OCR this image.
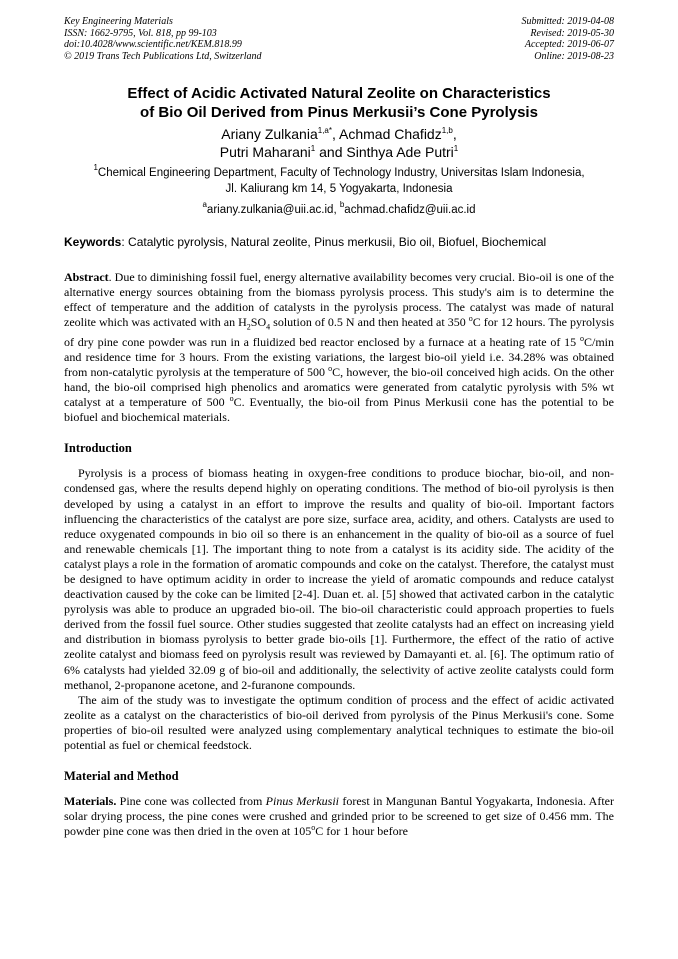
Key Engineering Materials
ISSN: 1662-9795, Vol. 818, pp 99-103
doi:10.4028/www.scientific.net/KEM.818.99
© 2019 Trans Tech Publications Ltd, Switzerland
Submitted: 2019-04-08
Revised: 2019-05-30
Accepted: 2019-06-07
Online: 2019-08-23
Effect of Acidic Activated Natural Zeolite on Characteristics
of Bio Oil Derived from Pinus Merkusii’s Cone Pyrolysis
Ariany Zulkania$^{1,a*}$, Achmad Chafidz$^{1,b}$,
Putri Maharani$^1$ and Sinthya Ade Putri$^1$
$^1$Chemical Engineering Department, Faculty of Technology Industry, Universitas Islam Indonesia,
Jl. Kaliurang km 14, 5 Yogyakarta, Indonesia
$^a$ariany.zulkania@uii.ac.id, $^b$achmad.chafidz@uii.ac.id
Keywords: Catalytic pyrolysis, Natural zeolite, Pinus merkusii, Bio oil, Biofuel, Biochemical
Abstract. Due to diminishing fossil fuel, energy alternative availability becomes very crucial. Bio-oil is one of the alternative energy sources obtaining from the biomass pyrolysis process. This study's aim is to determine the effect of temperature and the addition of catalysts in the pyrolysis process. The catalyst was made of natural zeolite which was activated with an $H_2SO_4$ solution of 0.5 N and then heated at 350 $^o$C for 12 hours. The pyrolysis of dry pine cone powder was run in a fluidized bed reactor enclosed by a furnace at a heating rate of 15 $^o$C/min and residence time for 3 hours. From the existing variations, the largest bio-oil yield i.e. 34.28% was obtained from non-catalytic pyrolysis at the temperature of 500 $^o$C, however, the bio-oil conceived high acids. On the other hand, the bio-oil comprised high phenolics and aromatics were generated from catalytic pyrolysis with 5% wt catalyst at a temperature of 500 $^o$C. Eventually, the bio-oil from Pinus Merkusii cone has the potential to be biofuel and biochemical materials.
Introduction
Pyrolysis is a process of biomass heating in oxygen-free conditions to produce biochar, bio-oil, and non-condensed gas, where the results depend highly on operating conditions. The method of bio-oil pyrolysis is then developed by using a catalyst in an effort to improve the results and quality of bio-oil. Important factors influencing the characteristics of the catalyst are pore size, surface area, acidity, and others. Catalysts are used to reduce oxygenated compounds in bio oil so there is an enhancement in the quality of bio-oil as a source of fuel and renewable chemicals [1]. The important thing to note from a catalyst is its acidity side. The acidity of the catalyst plays a role in the formation of aromatic compounds and coke on the catalyst. Therefore, the catalyst must be designed to have optimum acidity in order to increase the yield of aromatic compounds and reduce catalyst deactivation caused by the coke can be limited [2-4]. Duan et. al. [5] showed that activated carbon in the catalytic pyrolysis was able to produce an upgraded bio-oil. The bio-oil characteristic could approach properties to fuels derived from the fossil fuel source. Other studies suggested that zeolite catalysts had an effect on increasing yield and distribution in biomass pyrolysis to better grade bio-oils [1]. Furthermore, the effect of the ratio of active zeolite catalyst and biomass feed on pyrolysis result was reviewed by Damayanti et. al. [6]. The optimum ratio of 6% catalysts had yielded 32.09 g of bio-oil and additionally, the selectivity of active zeolite catalysts could form methanol, 2-propanone acetone, and 2-furanone compounds.
The aim of the study was to investigate the optimum condition of process and the effect of acidic activated zeolite as a catalyst on the characteristics of bio-oil derived from pyrolysis of the Pinus Merkusii's cone. Some properties of bio-oil resulted were analyzed using complementary analytical techniques to estimate the bio-oil potential as fuel or chemical feedstock.
Material and Method
Materials. Pine cone was collected from Pinus Merkusii forest in Mangunan Bantul Yogyakarta, Indonesia. After solar drying process, the pine cones were crushed and grinded prior to be screened to get size of 0.456 mm. The powder pine cone was then dried in the oven at 105$^o$C for 1 hour before
